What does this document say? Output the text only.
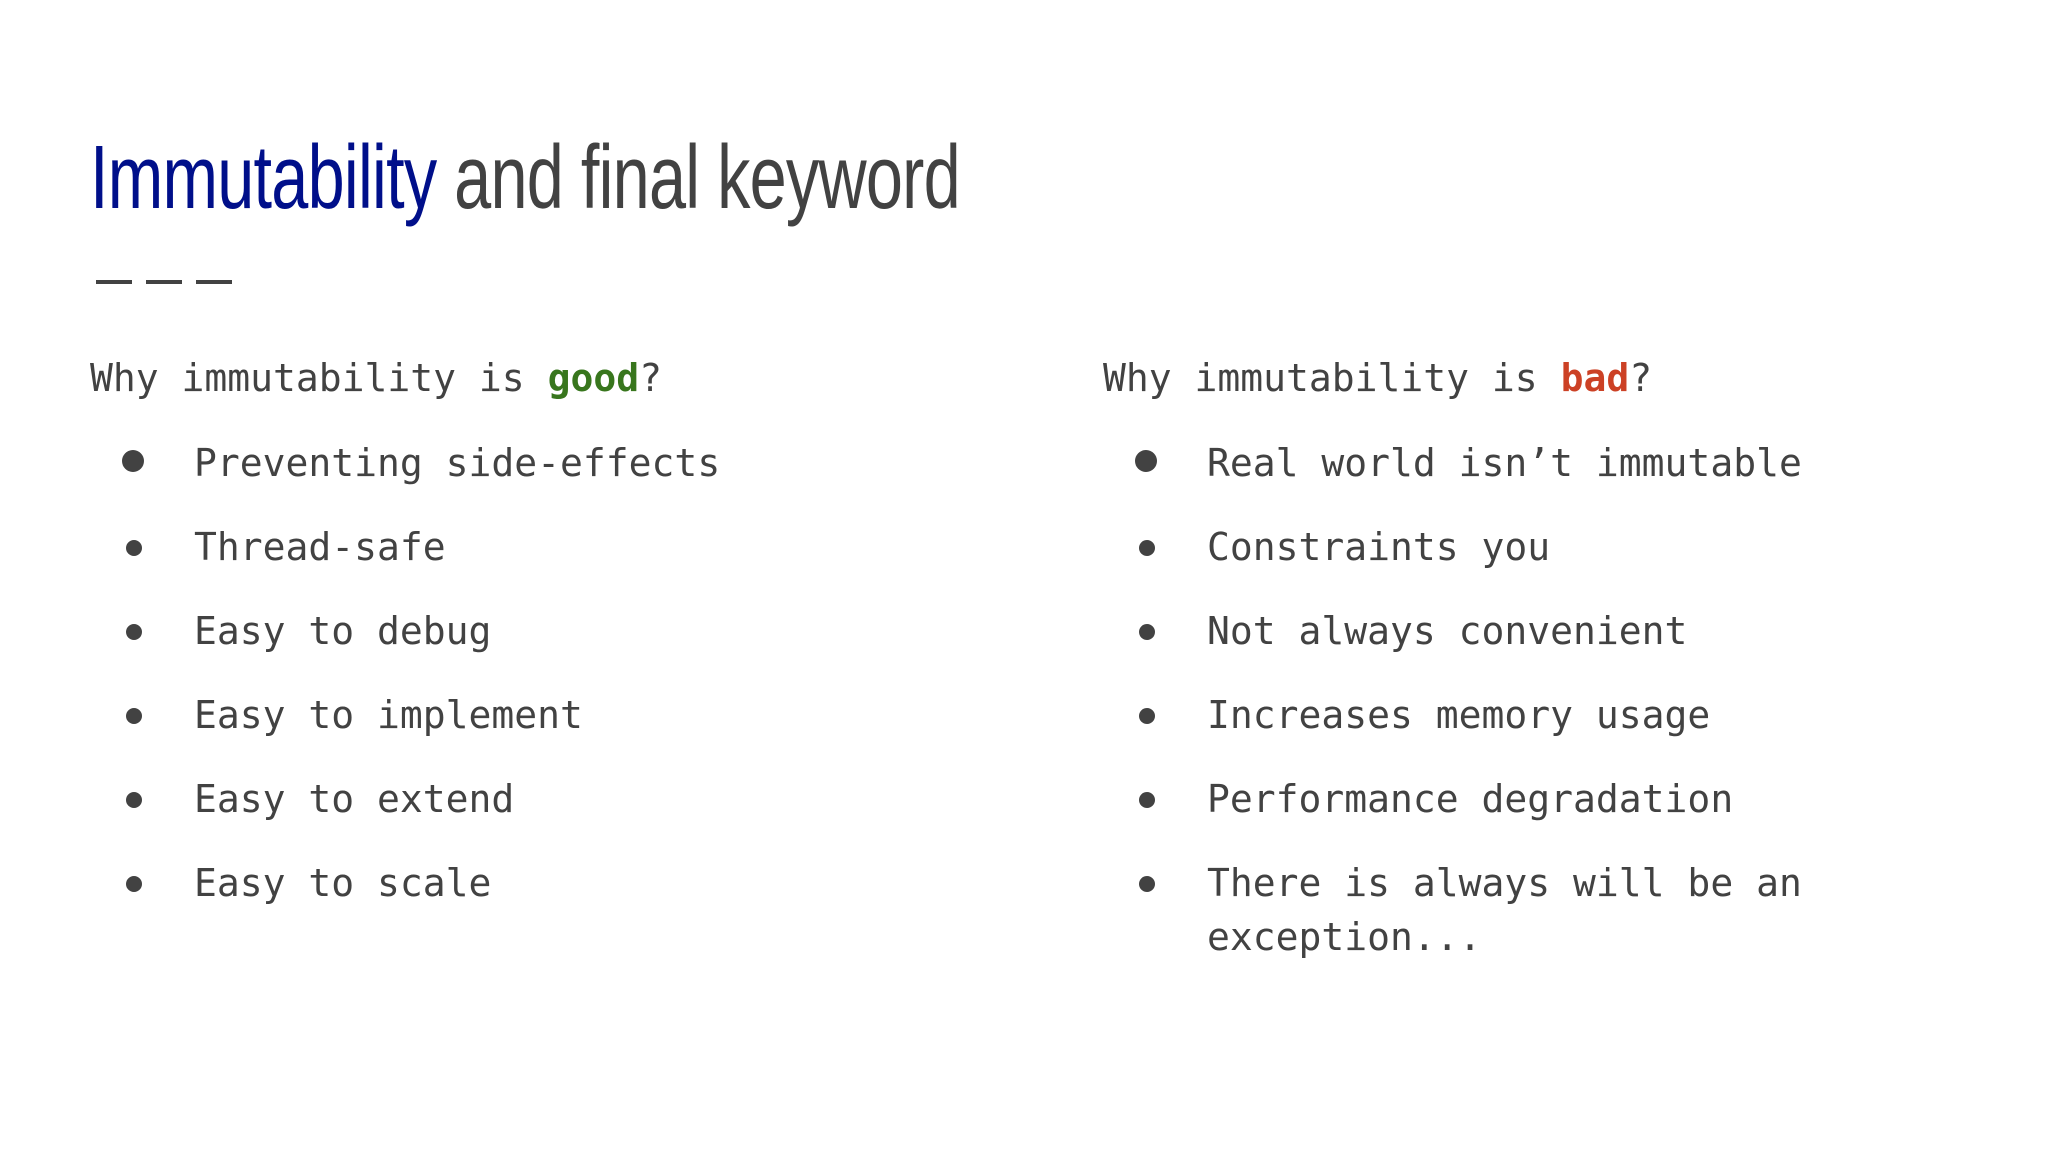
Immutability and final keyword

Why immutability is good?

Preventing side-effects
Thread-safe
Easy to debug
Easy to implement
Easy to extend
Easy to scale

Why immutability is bad?

Real world isn’t immutable
Constraints you
Not always convenient
Increases memory usage
Performance degradation
There is always will be an exception...
